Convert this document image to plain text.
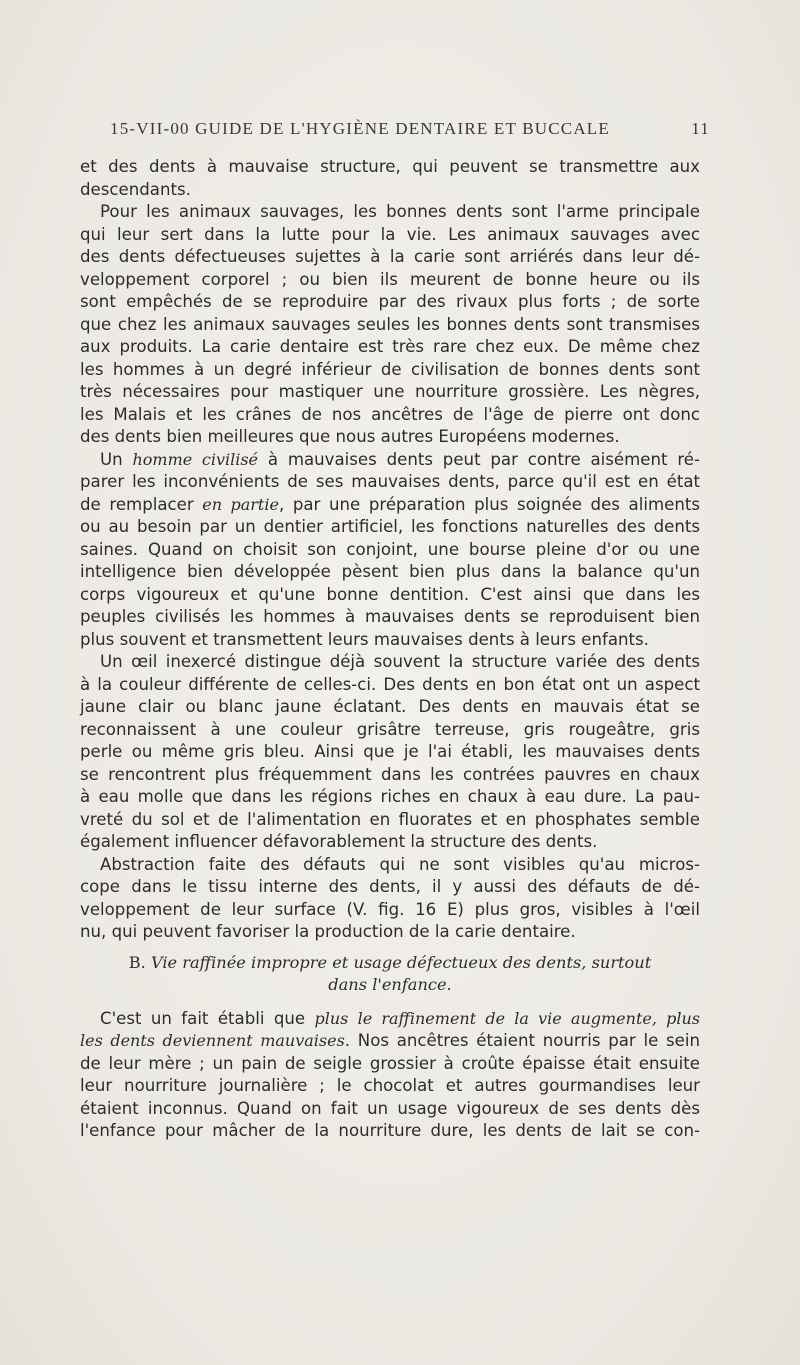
15-VII-00 GUIDE DE L'HYGIÈNE DENTAIRE ET BUCCALE	11
et des dents à mauvaise structure, qui peuvent se transmettre aux
descendants.
Pour les animaux sauvages, les bonnes dents sont l'arme principale
qui leur sert dans la lutte pour la vie. Les animaux sauvages avec
des dents défectueuses sujettes à la carie sont arriérés dans leur dé-
veloppement corporel ; ou bien ils meurent de bonne heure ou ils
sont empêchés de se reproduire par des rivaux plus forts ; de sorte
que chez les animaux sauvages seules les bonnes dents sont transmises
aux produits. La carie dentaire est très rare chez eux. De même chez
les hommes à un degré inférieur de civilisation de bonnes dents sont
très nécessaires pour mastiquer une nourriture grossière. Les nègres,
les Malais et les crânes de nos ancêtres de l'âge de pierre ont donc
des dents bien meilleures que nous autres Européens modernes.
Un homme civilisé à mauvaises dents peut par contre aisément ré-
parer les inconvénients de ses mauvaises dents, parce qu'il est en état
de remplacer en partie, par une préparation plus soignée des aliments
ou au besoin par un dentier artificiel, les fonctions naturelles des dents
saines. Quand on choisit son conjoint, une bourse pleine d'or ou une
intelligence bien développée pèsent bien plus dans la balance qu'un
corps vigoureux et qu'une bonne dentition. C'est ainsi que dans les
peuples civilisés les hommes à mauvaises dents se reproduisent bien
plus souvent et transmettent leurs mauvaises dents à leurs enfants.
Un œil inexercé distingue déjà souvent la structure variée des dents
à la couleur différente de celles-ci. Des dents en bon état ont un aspect
jaune clair ou blanc jaune éclatant. Des dents en mauvais état se
reconnaissent à une couleur grisâtre terreuse, gris rougeâtre, gris
perle ou même gris bleu. Ainsi que je l'ai établi, les mauvaises dents
se rencontrent plus fréquemment dans les contrées pauvres en chaux
à eau molle que dans les régions riches en chaux à eau dure. La pau-
vreté du sol et de l'alimentation en fluorates et en phosphates semble
également influencer défavorablement la structure des dents.
Abstraction faite des défauts qui ne sont visibles qu'au micros-
cope dans le tissu interne des dents, il y aussi des défauts de dé-
veloppement de leur surface (V. fig. 16 E) plus gros, visibles à l'œil
nu, qui peuvent favoriser la production de la carie dentaire.
B. Vie raffinée impropre et usage défectueux des dents, surtout
dans l'enfance.
C'est un fait établi que plus le raffinement de la vie augmente, plus
les dents deviennent mauvaises. Nos ancêtres étaient nourris par le sein
de leur mère ; un pain de seigle grossier à croûte épaisse était ensuite
leur nourriture journalière ; le chocolat et autres gourmandises leur
étaient inconnus. Quand on fait un usage vigoureux de ses dents dès
l'enfance pour mâcher de la nourriture dure, les dents de lait se con-
